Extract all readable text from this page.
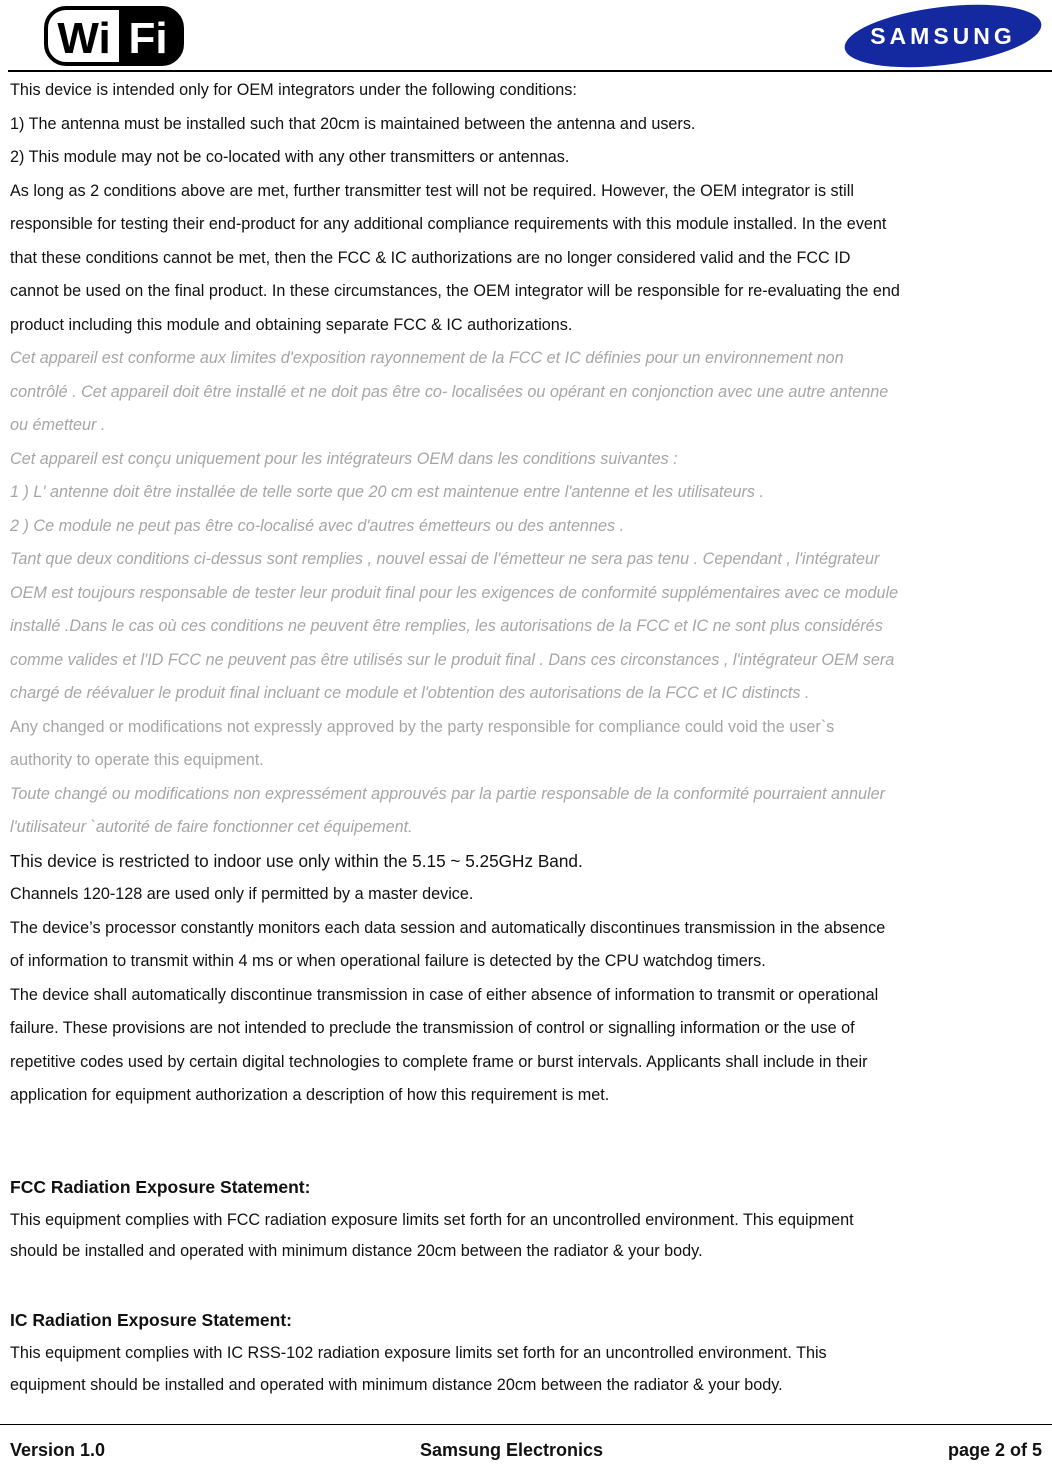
Wi Fi	SAMSUNG
This device is intended only for OEM integrators under the following conditions:
1) The antenna must be installed such that 20cm is maintained between the antenna and users.
2) This module may not be co-located with any other transmitters or antennas.
As long as 2 conditions above are met, further transmitter test will not be required. However, the OEM integrator is still
responsible for testing their end-product for any additional compliance requirements with this module installed. In the event
that these conditions cannot be met, then the FCC & IC authorizations are no longer considered valid and the FCC ID
cannot be used on the final product. In these circumstances, the OEM integrator will be responsible for re-evaluating the end
product including this module and obtaining separate FCC & IC authorizations.
Cet appareil est conforme aux limites d'exposition rayonnement de la FCC et IC définies pour un environnement non
contrôlé . Cet appareil doit être installé et ne doit pas être co- localisées ou opérant en conjonction avec une autre antenne
ou émetteur .
Cet appareil est conçu uniquement pour les intégrateurs OEM dans les conditions suivantes :
1 ) L' antenne doit être installée de telle sorte que 20 cm est maintenue entre l'antenne et les utilisateurs .
2 ) Ce module ne peut pas être co-localisé avec d'autres émetteurs ou des antennes .
Tant que deux conditions ci-dessus sont remplies , nouvel essai de l'émetteur ne sera pas tenu . Cependant , l'intégrateur
OEM est toujours responsable de tester leur produit final pour les exigences de conformité supplémentaires avec ce module
installé .Dans le cas où ces conditions ne peuvent être remplies, les autorisations de la FCC et IC ne sont plus considérés
comme valides et l'ID FCC ne peuvent pas être utilisés sur le produit final . Dans ces circonstances , l'intégrateur OEM sera
chargé de réévaluer le produit final incluant ce module et l'obtention des autorisations de la FCC et IC distincts .
Any changed or modifications not expressly approved by the party responsible for compliance could void the user`s
authority to operate this equipment.
Toute changé ou modifications non expressément approuvés par la partie responsable de la conformité pourraient annuler
l'utilisateur `autorité de faire fonctionner cet équipement.
This device is restricted to indoor use only within the 5.15 ~ 5.25GHz Band.
Channels 120-128 are used only if permitted by a master device.
The device’s processor constantly monitors each data session and automatically discontinues transmission in the absence
of information to transmit within 4 ms or when operational failure is detected by the CPU watchdog timers.
The device shall automatically discontinue transmission in case of either absence of information to transmit or operational
failure. These provisions are not intended to preclude the transmission of control or signalling information or the use of
repetitive codes used by certain digital technologies to complete frame or burst intervals. Applicants shall include in their
application for equipment authorization a description of how this requirement is met.
FCC Radiation Exposure Statement:
This equipment complies with FCC radiation exposure limits set forth for an uncontrolled environment. This equipment
should be installed and operated with minimum distance 20cm between the radiator & your body.
IC Radiation Exposure Statement:
This equipment complies with IC RSS-102 radiation exposure limits set forth for an uncontrolled environment. This
equipment should be installed and operated with minimum distance 20cm between the radiator & your body.
Version 1.0	Samsung Electronics	page 2 of 5
